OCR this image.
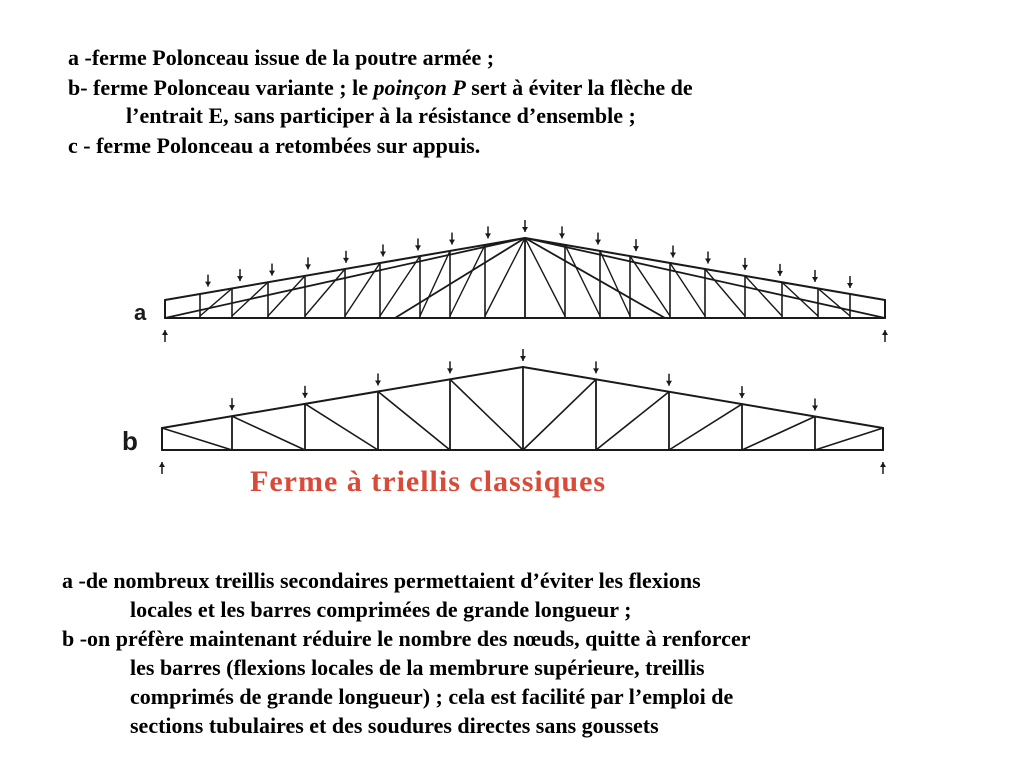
a -ferme Polonceau issue de la poutre armée ;

b- ferme Polonceau variante ; le poinçon P sert à éviter la flèche de
l’entrait E, sans participer à la résistance d’ensemble ;

c - ferme Polonceau a retombées sur appuis.

a
b
Ferme à triellis classiques

a -de nombreux treillis secondaires permettaient d’éviter les flexions
locales et les barres comprimées de grande longueur ;

b -on préfère maintenant réduire le nombre des nœuds, quitte à renforcer
les barres (flexions locales de la membrure supérieure, treillis
comprimés de grande longueur) ; cela est facilité par l’emploi de
sections tubulaires et des soudures directes sans goussets
